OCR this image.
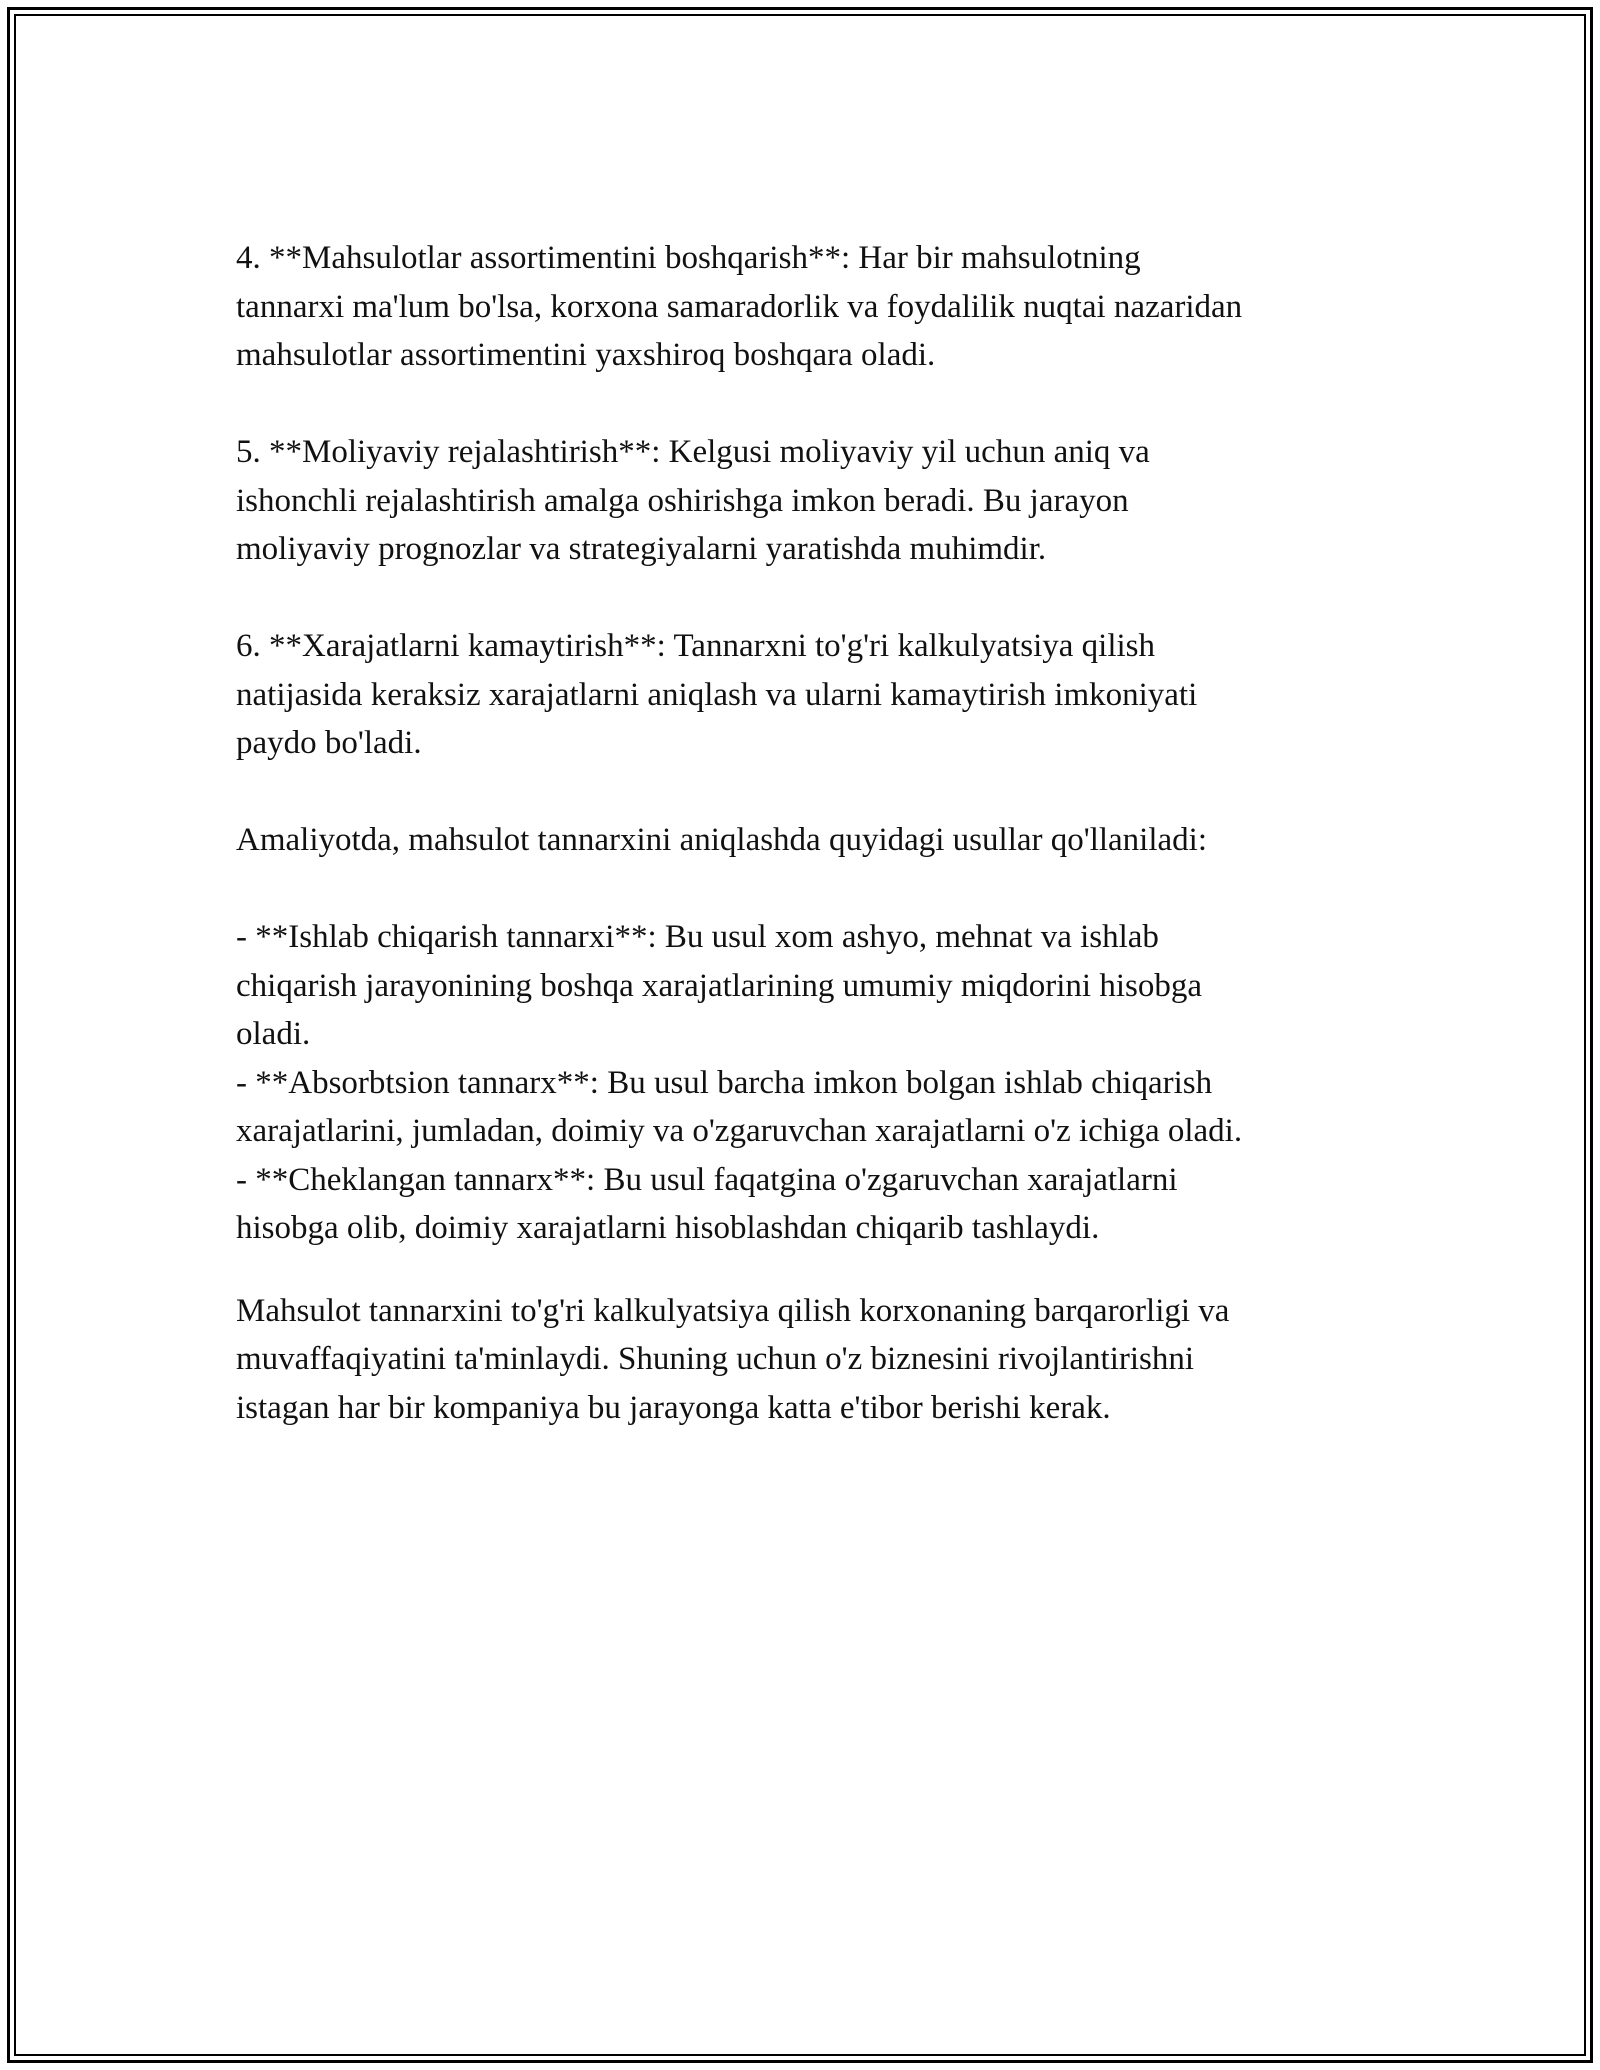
4. **Mahsulotlar assortimentini boshqarish**: Har bir mahsulotning
tannarxi ma'lum bo'lsa, korxona samaradorlik va foydalilik nuqtai nazaridan
mahsulotlar assortimentini yaxshiroq boshqara oladi.
5. **Moliyaviy rejalashtirish**: Kelgusi moliyaviy yil uchun aniq va
ishonchli rejalashtirish amalga oshirishga imkon beradi. Bu jarayon
moliyaviy prognozlar va strategiyalarni yaratishda muhimdir.
6. **Xarajatlarni kamaytirish**: Tannarxni to'g'ri kalkulyatsiya qilish
natijasida keraksiz xarajatlarni aniqlash va ularni kamaytirish imkoniyati
paydo bo'ladi.
Amaliyotda, mahsulot tannarxini aniqlashda quyidagi usullar qo'llaniladi:
- **Ishlab chiqarish tannarxi**: Bu usul xom ashyo, mehnat va ishlab
chiqarish jarayonining boshqa xarajatlarining umumiy miqdorini hisobga
oladi.
- **Absorbtsion tannarx**: Bu usul barcha imkon bolgan ishlab chiqarish
xarajatlarini, jumladan, doimiy va o'zgaruvchan xarajatlarni o'z ichiga oladi.
- **Cheklangan tannarx**: Bu usul faqatgina o'zgaruvchan xarajatlarni
hisobga olib, doimiy xarajatlarni hisoblashdan chiqarib tashlaydi.
Mahsulot tannarxini to'g'ri kalkulyatsiya qilish korxonaning barqarorligi va
muvaffaqiyatini ta'minlaydi. Shuning uchun o'z biznesini rivojlantirishni
istagan har bir kompaniya bu jarayonga katta e'tibor berishi kerak.
